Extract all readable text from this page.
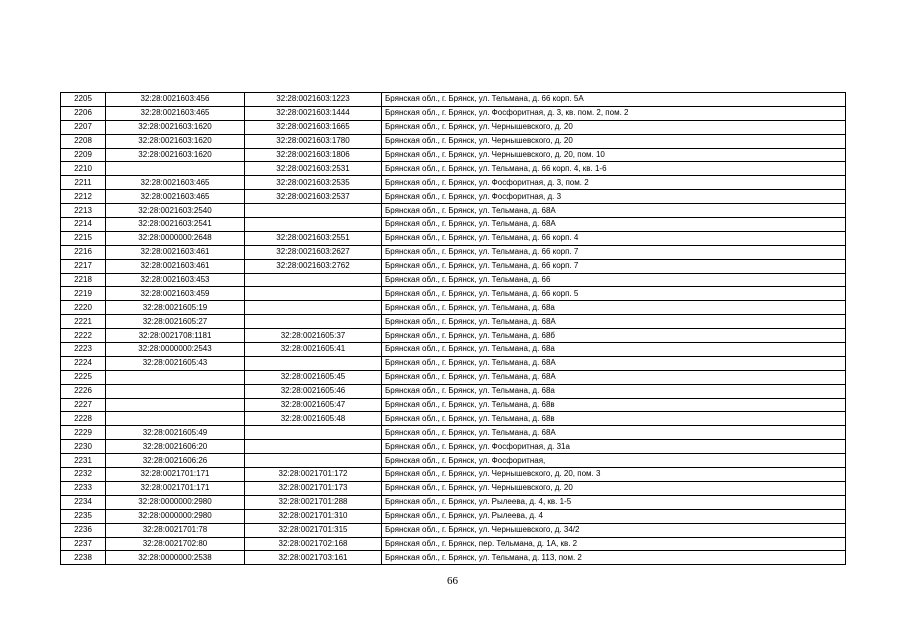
2205	32:28:0021603:456	32:28:0021603:1223	Брянская обл., г. Брянск, ул. Тельмана, д. 66 корп. 5А
2206	32:28:0021603:465	32:28:0021603:1444	Брянская обл., г. Брянск, ул. Фосфоритная, д. 3, кв. пом. 2, пом. 2
2207	32:28:0021603:1620	32:28:0021603:1665	Брянская обл., г. Брянск, ул. Чернышевского, д. 20
2208	32:28:0021603:1620	32:28:0021603:1780	Брянская обл., г. Брянск, ул. Чернышевского, д. 20
2209	32:28:0021603:1620	32:28:0021603:1806	Брянская обл., г. Брянск, ул. Чернышевского, д. 20, пом. 10
2210		32:28:0021603:2531	Брянская обл., г. Брянск, ул. Тельмана, д. 66 корп. 4, кв. 1-6
2211	32:28:0021603:465	32:28:0021603:2535	Брянская обл., г. Брянск, ул. Фосфоритная, д. 3, пом. 2
2212	32:28:0021603:465	32:28:0021603:2537	Брянская обл., г. Брянск, ул. Фосфоритная, д. 3
2213	32:28:0021603:2540		Брянская обл., г. Брянск, ул. Тельмана, д. 68А
2214	32:28:0021603:2541		Брянская обл., г. Брянск, ул. Тельмана, д. 68А
2215	32:28:0000000:2648	32:28:0021603:2551	Брянская обл., г. Брянск, ул. Тельмана, д. 66 корп. 4
2216	32:28:0021603:461	32:28:0021603:2627	Брянская обл., г. Брянск, ул. Тельмана, д. 66 корп. 7
2217	32:28:0021603:461	32:28:0021603:2762	Брянская обл., г. Брянск, ул. Тельмана, д. 66 корп. 7
2218	32:28:0021603:453		Брянская обл., г. Брянск, ул. Тельмана, д. 66
2219	32:28:0021603:459		Брянская обл., г. Брянск, ул. Тельмана, д. 66 корп. 5
2220	32:28:0021605:19		Брянская обл., г. Брянск, ул. Тельмана, д. 68а
2221	32:28:0021605:27		Брянская обл., г. Брянск, ул. Тельмана, д. 68А
2222	32:28:0021708:1181	32:28:0021605:37	Брянская обл., г. Брянск, ул. Тельмана, д. 68б
2223	32:28:0000000:2543	32:28:0021605:41	Брянская обл., г. Брянск, ул. Тельмана, д. 68а
2224	32:28:0021605:43		Брянская обл., г. Брянск, ул. Тельмана, д. 68А
2225		32:28:0021605:45	Брянская обл., г. Брянск, ул. Тельмана, д. 68А
2226		32:28:0021605:46	Брянская обл., г. Брянск, ул. Тельмана, д. 68а
2227		32:28:0021605:47	Брянская обл., г. Брянск, ул. Тельмана, д. 68в
2228		32:28:0021605:48	Брянская обл., г. Брянск, ул. Тельмана, д. 68в
2229	32:28:0021605:49		Брянская обл., г. Брянск, ул. Тельмана, д. 68А
2230	32:28:0021606:20		Брянская обл., г. Брянск, ул. Фосфоритная, д. 31а
2231	32:28:0021606:26		Брянская обл., г. Брянск, ул. Фосфоритная,
2232	32:28:0021701:171	32:28:0021701:172	Брянская обл., г. Брянск, ул. Чернышевского, д. 20, пом. 3
2233	32:28:0021701:171	32:28:0021701:173	Брянская обл., г. Брянск, ул. Чернышевского, д. 20
2234	32:28:0000000:2980	32:28:0021701:288	Брянская обл., г. Брянск, ул. Рылеева, д. 4, кв. 1-5
2235	32:28:0000000:2980	32:28:0021701:310	Брянская обл., г. Брянск, ул. Рылеева, д. 4
2236	32:28:0021701:78	32:28:0021701:315	Брянская обл., г. Брянск, ул. Чернышевского, д. 34/2
2237	32:28:0021702:80	32:28:0021702:168	Брянская обл., г. Брянск, пер. Тельмана, д. 1А, кв. 2
2238	32:28:0000000:2538	32:28:0021703:161	Брянская обл., г. Брянск, ул. Тельмана, д. 113, пом. 2
66
